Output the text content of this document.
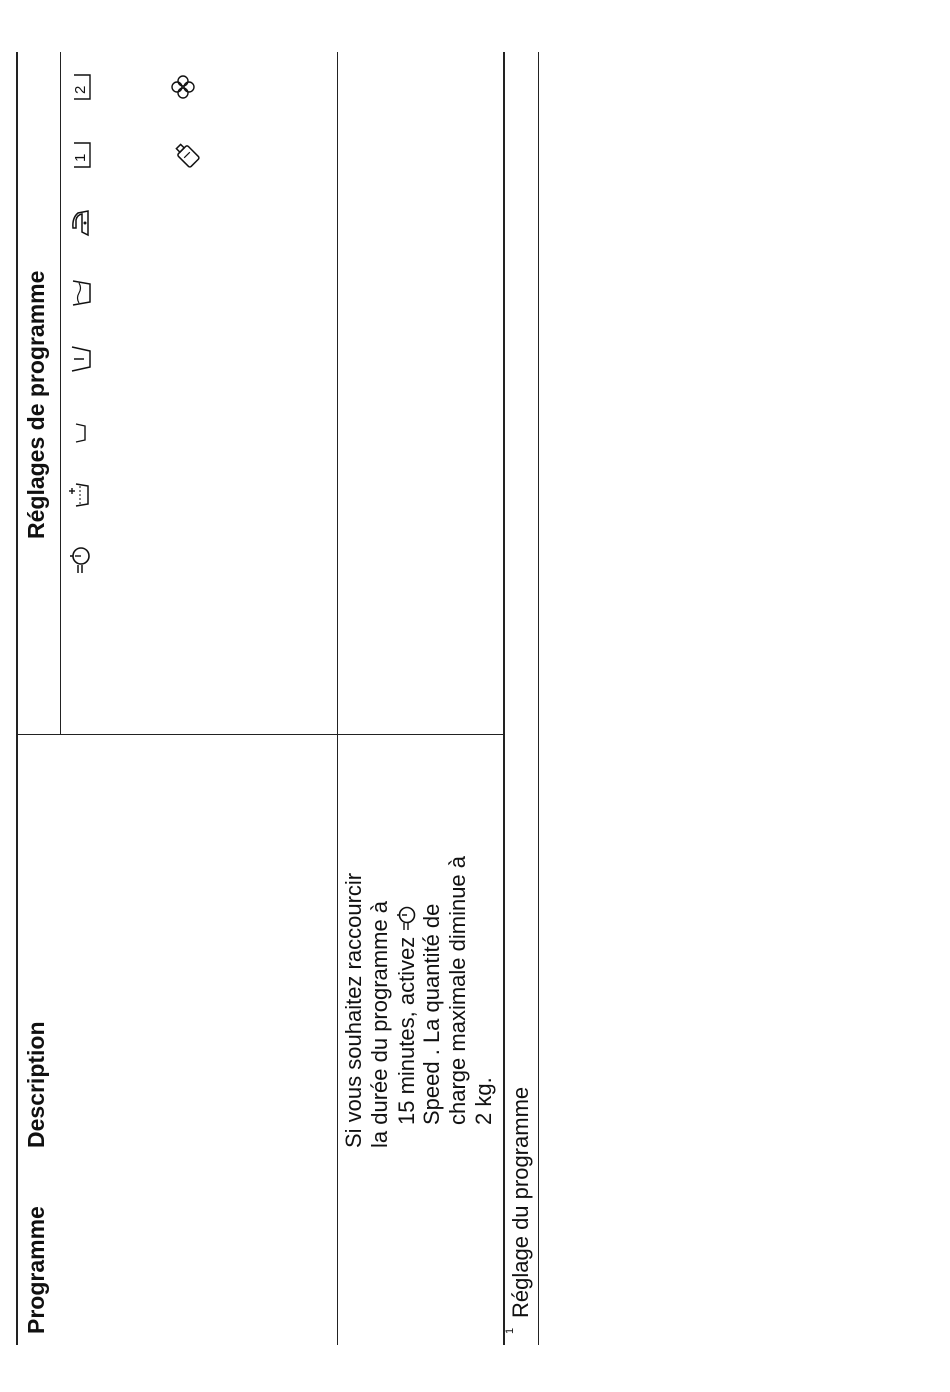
Programme
Description
Réglages de programme
Si vous souhaitez raccourcir la durée du programme à 15 minutes, activez Speed . La quantité de charge maximale diminue à 2 kg.
1
2
1
Réglage du programme
